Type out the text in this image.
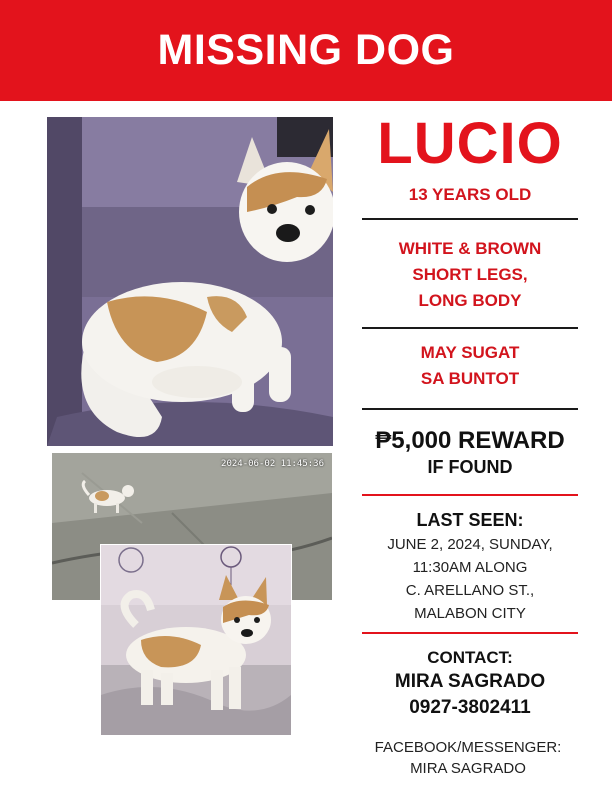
MISSING DOG
2024-06-02 11:45:36
LUCIO
13 YEARS OLD
WHITE & BROWN
SHORT LEGS,
LONG BODY
MAY SUGAT
SA BUNTOT
₱5,000 REWARD
IF FOUND
LAST SEEN:
JUNE 2, 2024, SUNDAY,
11:30AM ALONG
C. ARELLANO ST.,
MALABON CITY
CONTACT:
MIRA SAGRADO
0927-3802411
FACEBOOK/MESSENGER:
MIRA SAGRADO
